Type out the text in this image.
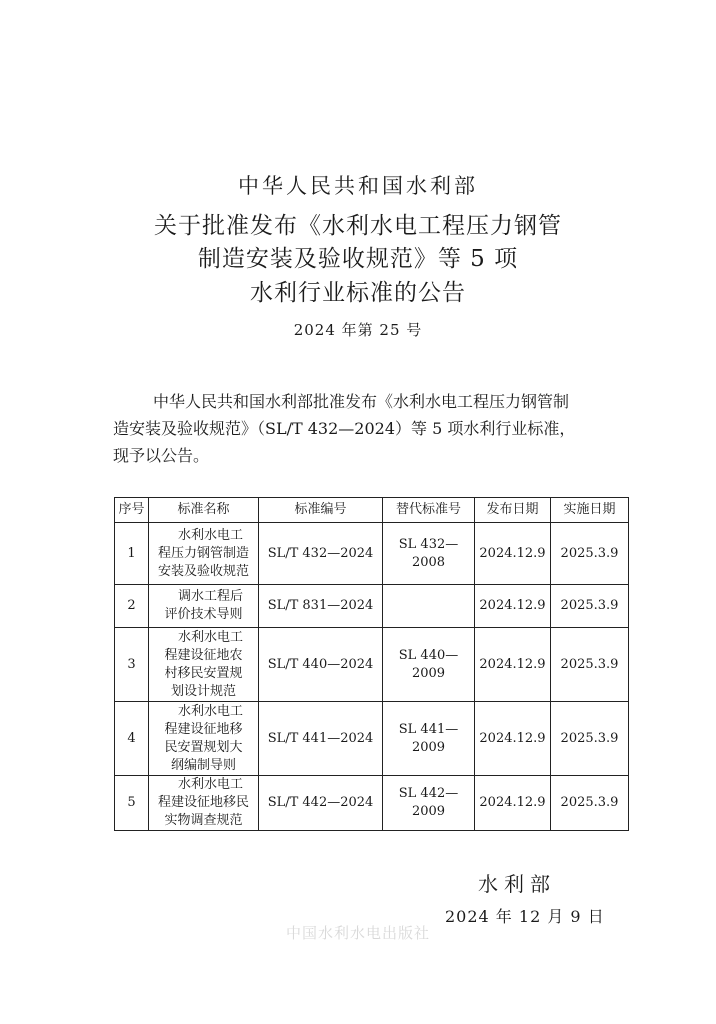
中华人民共和国水利部
关于批准发布《水利水电工程压力钢管
制造安装及验收规范》等 5 项
水利行业标准的公告
2024 年第 25 号

中华人民共和国水利部批准发布《水利水电工程压力钢管制

造安装及验收规范》（SL/T 432—2024）等 5 项水利行业标准，

现予以公告。

序号	标准名称	标准编号	替代标准号	发布日期	实施日期
1	水利水电工
程压力钢管制造
安装及验收规范	SL/T 432—2024	SL 432—2008	2024.12.9	2025.3.9
2	调水工程后
评价技术导则	SL/T 831—2024		2024.12.9	2025.3.9
3	水利水电工
程建设征地农
村移民安置规
划设计规范	SL/T 440—2024	SL 440—2009	2024.12.9	2025.3.9
4	水利水电工
程建设征地移
民安置规划大
纲编制导则	SL/T 441—2024	SL 441—2009	2024.12.9	2025.3.9
5	水利水电工
程建设征地移民
实物调查规范	SL/T 442—2024	SL 442—2009	2024.12.9	2025.3.9
水利部
2024 年 12 月 9 日
中国水利水电出版社
